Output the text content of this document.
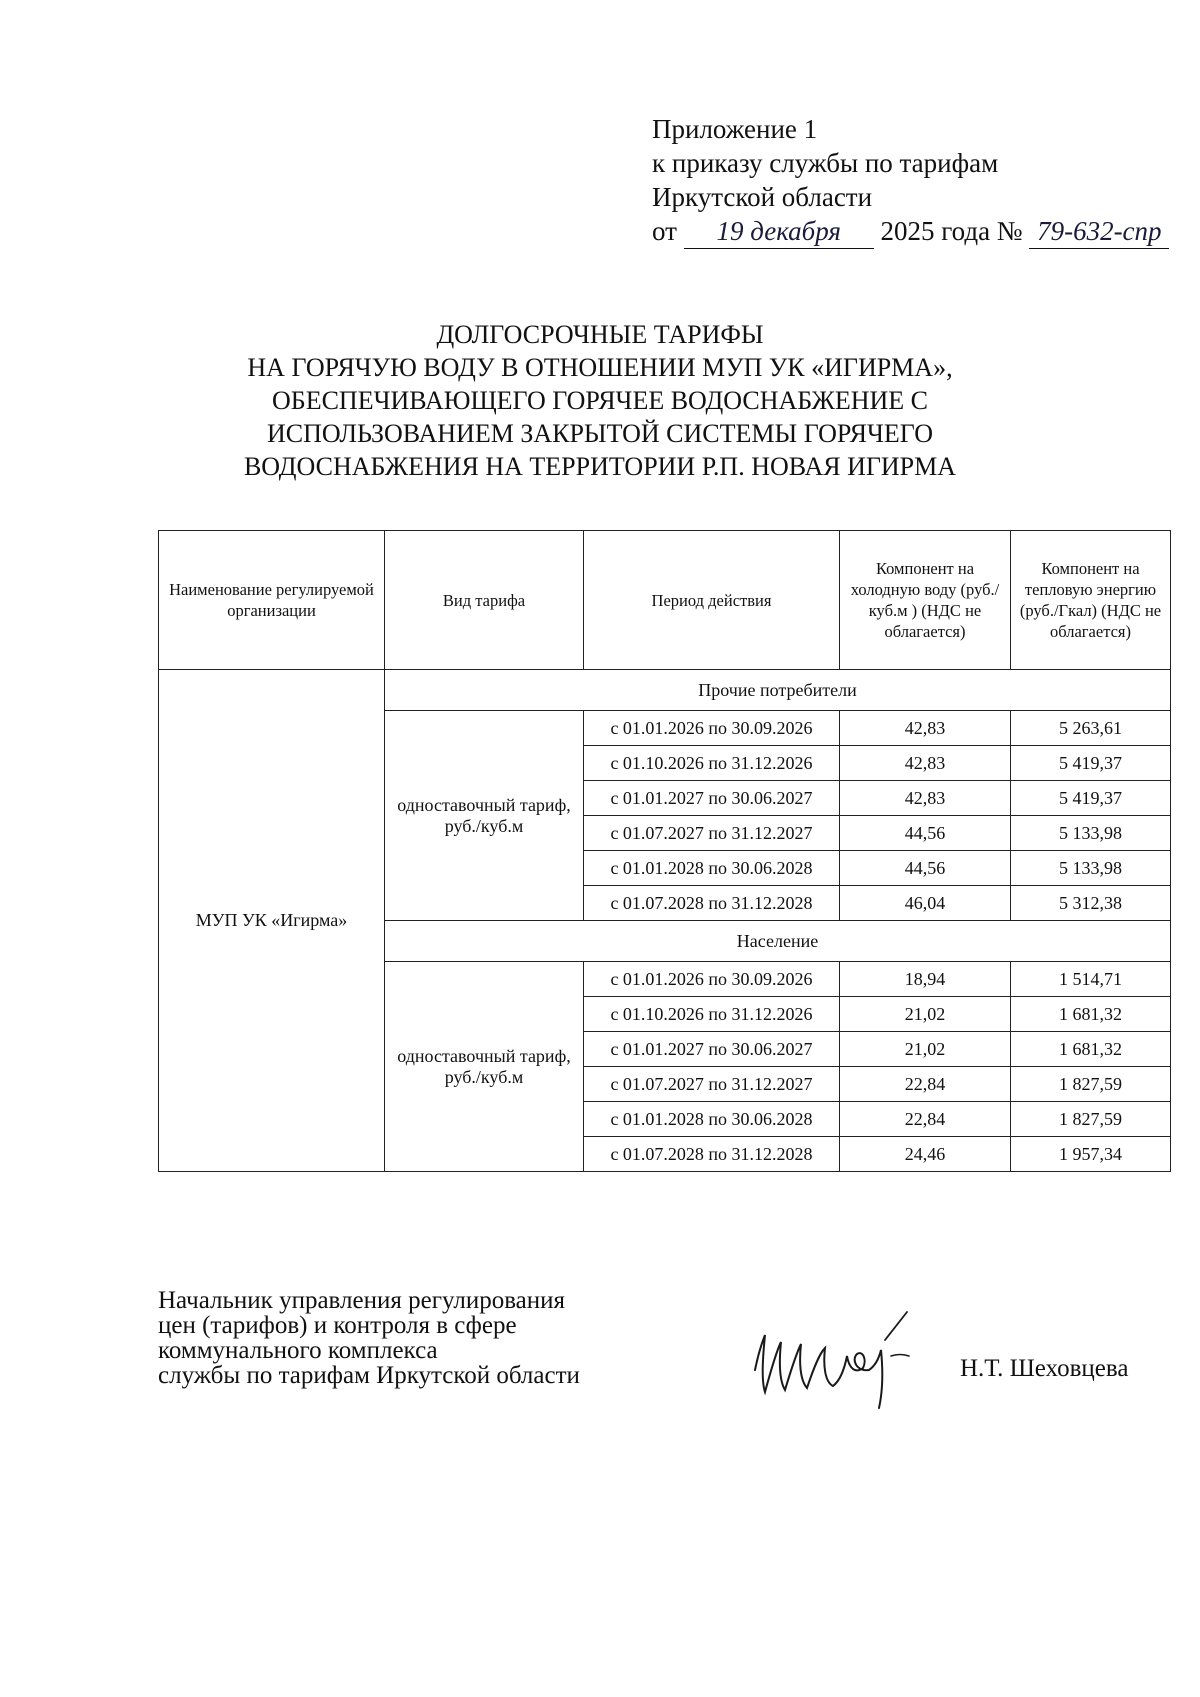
Приложение 1
к приказу службы по тарифам
Иркутской области
от 19 декабря 2025 года № 79-632-спр
ДОЛГОСРОЧНЫЕ ТАРИФЫ
НА ГОРЯЧУЮ ВОДУ В ОТНОШЕНИИ МУП УК «ИГИРМА»,
ОБЕСПЕЧИВАЮЩЕГО ГОРЯЧЕЕ ВОДОСНАБЖЕНИЕ С
ИСПОЛЬЗОВАНИЕМ ЗАКРЫТОЙ СИСТЕМЫ ГОРЯЧЕГО
ВОДОСНАБЖЕНИЯ НА ТЕРРИТОРИИ Р.П. НОВАЯ ИГИРМА
Наименование регулируемой организации	Вид тарифа	Период действия	Компонент на холодную воду (руб./куб.м ) (НДС не облагается)	Компонент на тепловую энергию (руб./Гкал) (НДС не облагается)
МУП УК «Игирма»	Прочие потребители			
	одноставочный тариф, руб./куб.м	с 01.01.2026 по 30.09.2026	42,83	5 263,61
		с 01.10.2026 по 31.12.2026	42,83	5 419,37
		с 01.01.2027 по 30.06.2027	42,83	5 419,37
		с 01.07.2027 по 31.12.2027	44,56	5 133,98
		с 01.01.2028 по 30.06.2028	44,56	5 133,98
		с 01.07.2028 по 31.12.2028	46,04	5 312,38
	Население			
	одноставочный тариф, руб./куб.м	с 01.01.2026 по 30.09.2026	18,94	1 514,71
		с 01.10.2026 по 31.12.2026	21,02	1 681,32
		с 01.01.2027 по 30.06.2027	21,02	1 681,32
		с 01.07.2027 по 31.12.2027	22,84	1 827,59
		с 01.01.2028 по 30.06.2028	22,84	1 827,59
		с 01.07.2028 по 31.12.2028	24,46	1 957,34
Начальник управления регулирования
цен (тарифов) и контроля в сфере
коммунального комплекса
службы по тарифам Иркутской области	Н.Т. Шеховцева
